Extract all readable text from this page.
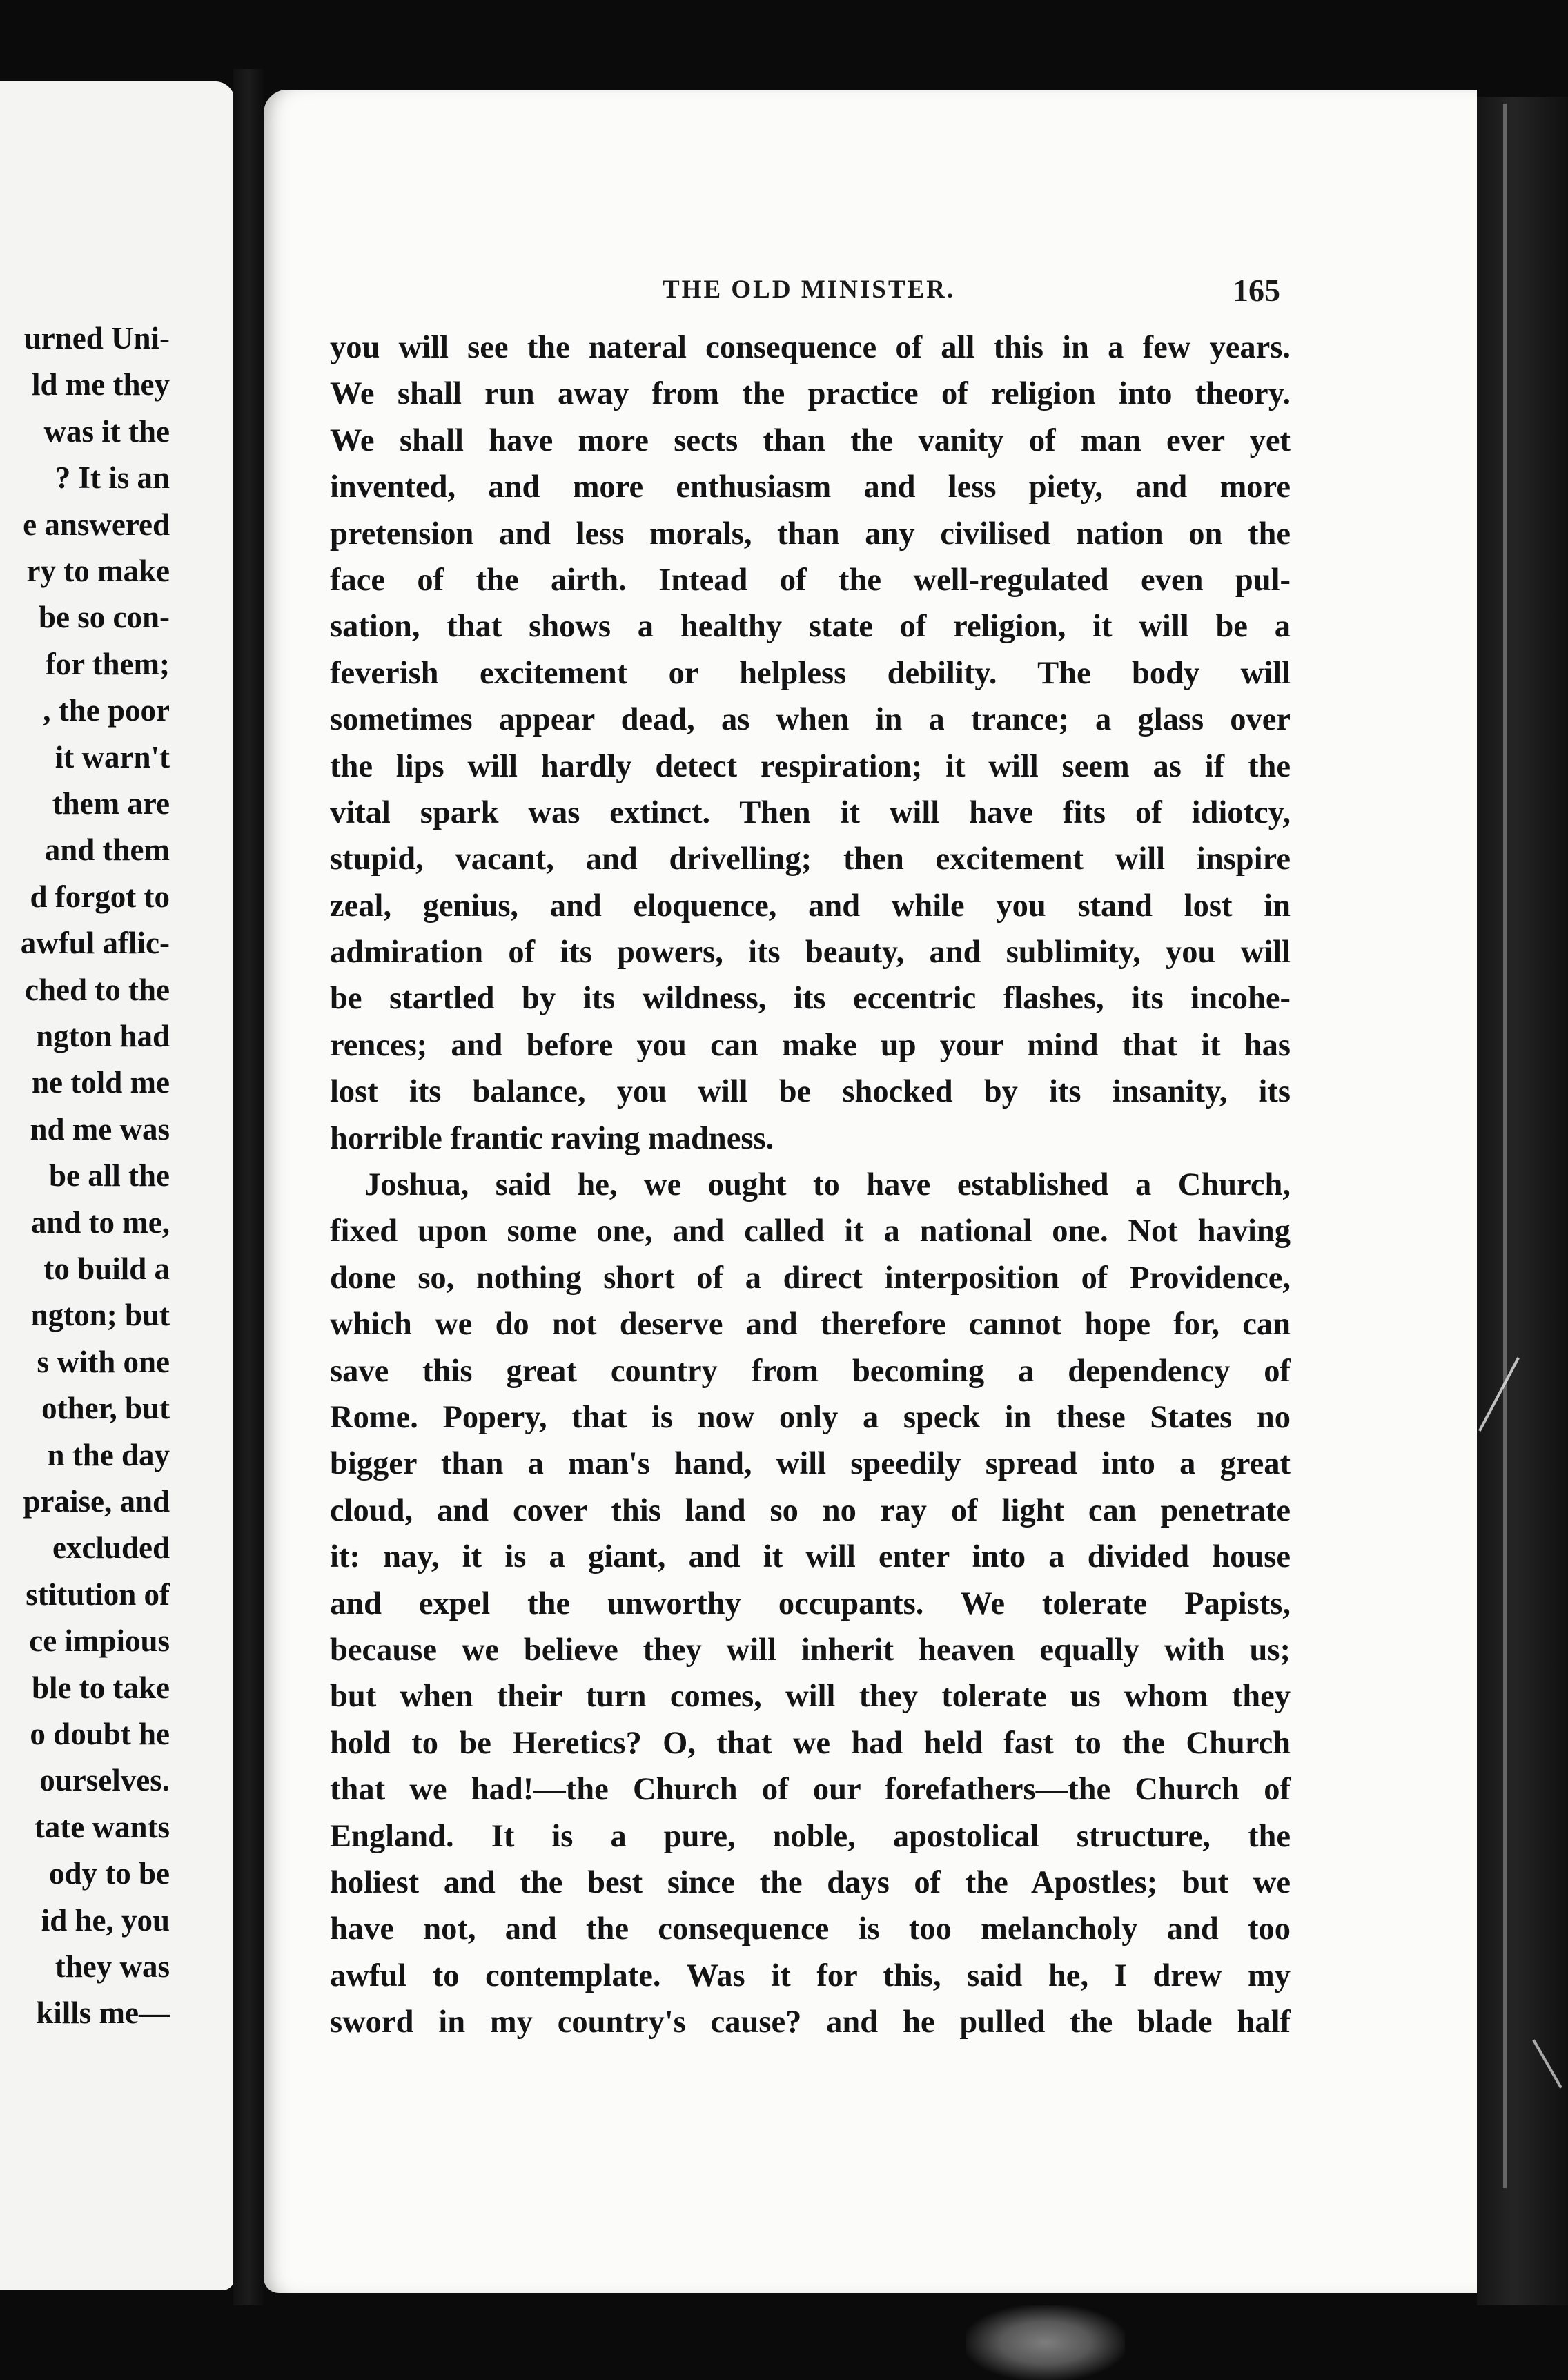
urned Uni-
ld me they
was it the
? It is an
e answered
ry to make
be so con-
for them;
, the poor
it warn't
them are
and them
d forgot to
awful aflic-
ched to the
ngton had
ne told me
nd me was
be all the
and to me,
to build a
ngton; but
s with one
other, but
n the day
praise, and
excluded
stitution of
ce impious
ble to take
o doubt he
ourselves.
tate wants
ody to be
id he, you
they was
kills me—
THE OLD MINISTER.	165
you will see the nateral consequence of all this in a few years.
We shall run away from the practice of religion into theory.
We shall have more sects than the vanity of man ever yet
invented, and more enthusiasm and less piety, and more
pretension and less morals, than any civilised nation on the
face of the airth. Intead of the well-regulated even pul-
sation, that shows a healthy state of religion, it will be a
feverish excitement or helpless debility. The body will
sometimes appear dead, as when in a trance; a glass over
the lips will hardly detect respiration; it will seem as if the
vital spark was extinct. Then it will have fits of idiotcy,
stupid, vacant, and drivelling; then excitement will inspire
zeal, genius, and eloquence, and while you stand lost in
admiration of its powers, its beauty, and sublimity, you will
be startled by its wildness, its eccentric flashes, its incohe-
rences; and before you can make up your mind that it has
lost its balance, you will be shocked by its insanity, its
horrible frantic raving madness.
Joshua, said he, we ought to have established a Church,
fixed upon some one, and called it a national one. Not having
done so, nothing short of a direct interposition of Providence,
which we do not deserve and therefore cannot hope for, can
save this great country from becoming a dependency of
Rome. Popery, that is now only a speck in these States no
bigger than a man's hand, will speedily spread into a great
cloud, and cover this land so no ray of light can penetrate
it: nay, it is a giant, and it will enter into a divided house
and expel the unworthy occupants. We tolerate Papists,
because we believe they will inherit heaven equally with us;
but when their turn comes, will they tolerate us whom they
hold to be Heretics? O, that we had held fast to the Church
that we had!—the Church of our forefathers—the Church of
England. It is a pure, noble, apostolical structure, the
holiest and the best since the days of the Apostles; but we
have not, and the consequence is too melancholy and too
awful to contemplate. Was it for this, said he, I drew my
sword in my country's cause? and he pulled the blade half
